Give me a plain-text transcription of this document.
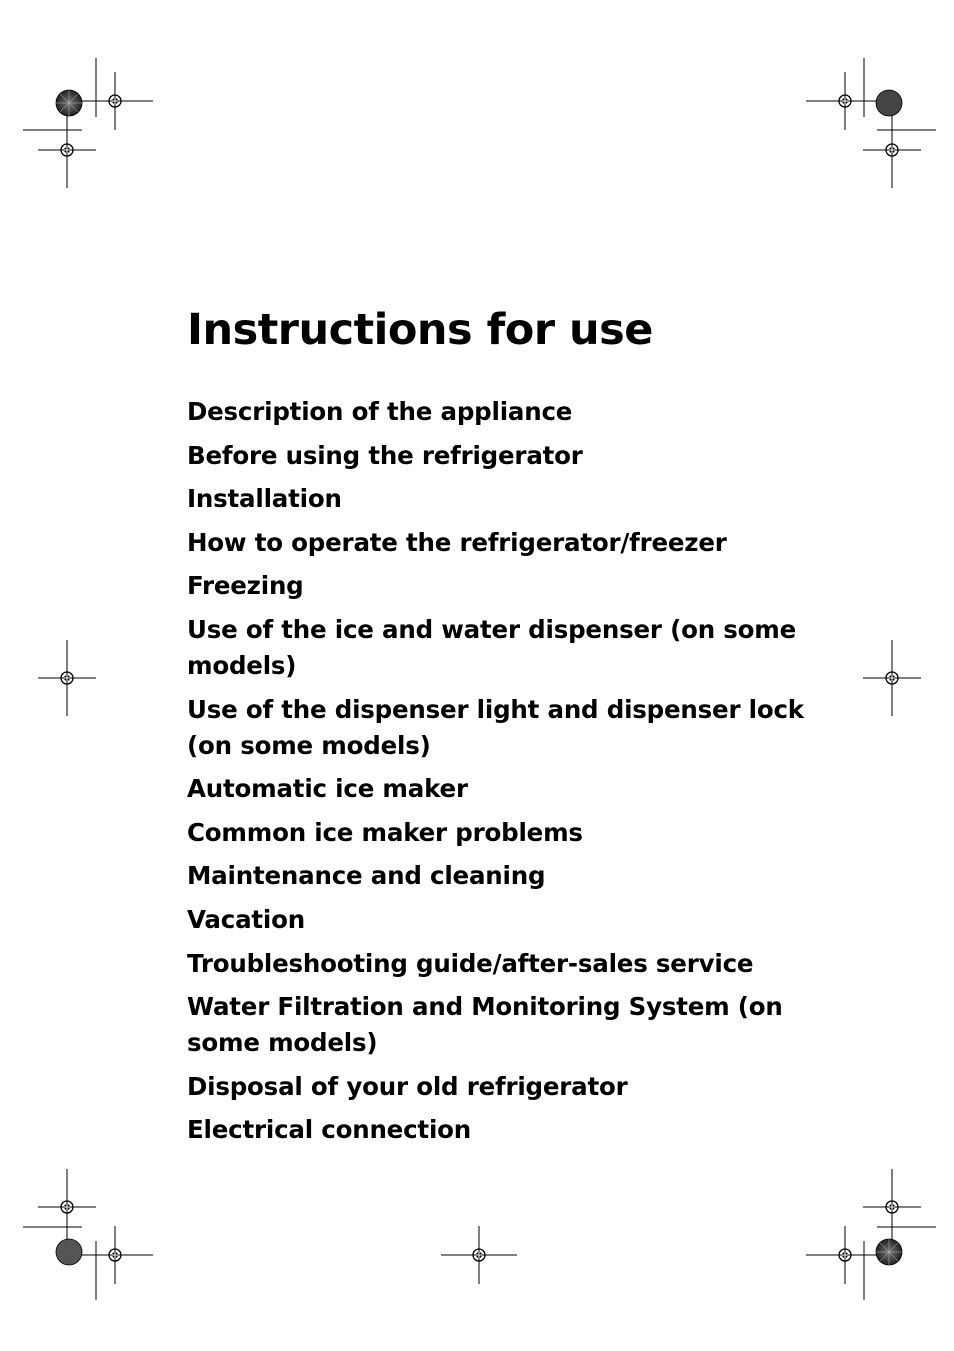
Instructions for use
Description of the appliance
Before using the refrigerator
Installation
How to operate the refrigerator/freezer
Freezing
Use of the ice and water dispenser (on some models)
Use of the dispenser light and dispenser lock (on some models)
Automatic ice maker
Common ice maker problems
Maintenance and cleaning
Vacation
Troubleshooting guide/after-sales service
Water Filtration and Monitoring System (on some models)
Disposal of your old refrigerator
Electrical connection
